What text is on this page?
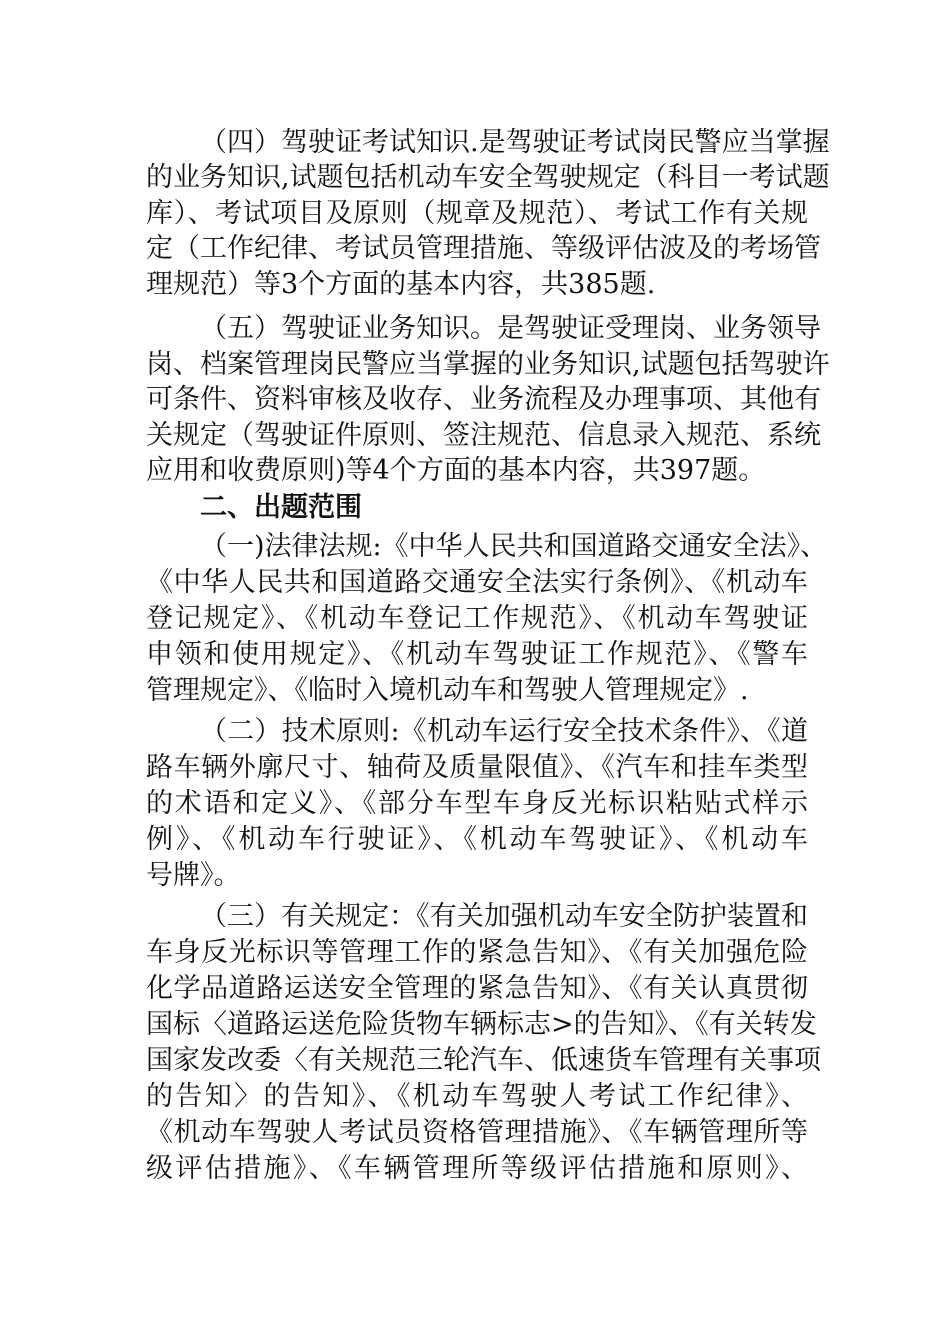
（四）驾驶证考试知识.是驾驶证考试岗民警应当掌握
的业务知识,试题包括机动车安全驾驶规定（科目一考试题
库）、考试项目及原则（规章及规范）、考试工作有关规
定（工作纪律、考试员管理措施、等级评估波及的考场管
理规范）等3个方面的基本内容，共385题.
（五）驾驶证业务知识。是驾驶证受理岗、业务领导
岗、档案管理岗民警应当掌握的业务知识,试题包括驾驶许
可条件、资料审核及收存、业务流程及办理事项、其他有
关规定（驾驶证件原则、签注规范、信息录入规范、系统
应用和收费原则)等4个方面的基本内容，共397题。
二、出题范围
（一)法律法规:《中华人民共和国道路交通安全法》、
《中华人民共和国道路交通安全法实行条例》、《机动车
登记规定》、《机动车登记工作规范》、《机动车驾驶证
申领和使用规定》、《机动车驾驶证工作规范》、《警车
管理规定》、《临时入境机动车和驾驶人管理规定》.
（二）技术原则:《机动车运行安全技术条件》、《道
路车辆外廓尺寸、轴荷及质量限值》、《汽车和挂车类型
的术语和定义》、《部分车型车身反光标识粘贴式样示
例》、《机动车行驶证》、《机动车驾驶证》、《机动车
号牌》。
（三）有关规定：《有关加强机动车安全防护装置和
车身反光标识等管理工作的紧急告知》、《有关加强危险
化学品道路运送安全管理的紧急告知》、《有关认真贯彻
国标〈道路运送危险货物车辆标志>的告知》、《有关转发
国家发改委〈有关规范三轮汽车、低速货车管理有关事项
的告知〉的告知》、《机动车驾驶人考试工作纪律》、
《机动车驾驶人考试员资格管理措施》、《车辆管理所等
级评估措施》、《车辆管理所等级评估措施和原则》、
